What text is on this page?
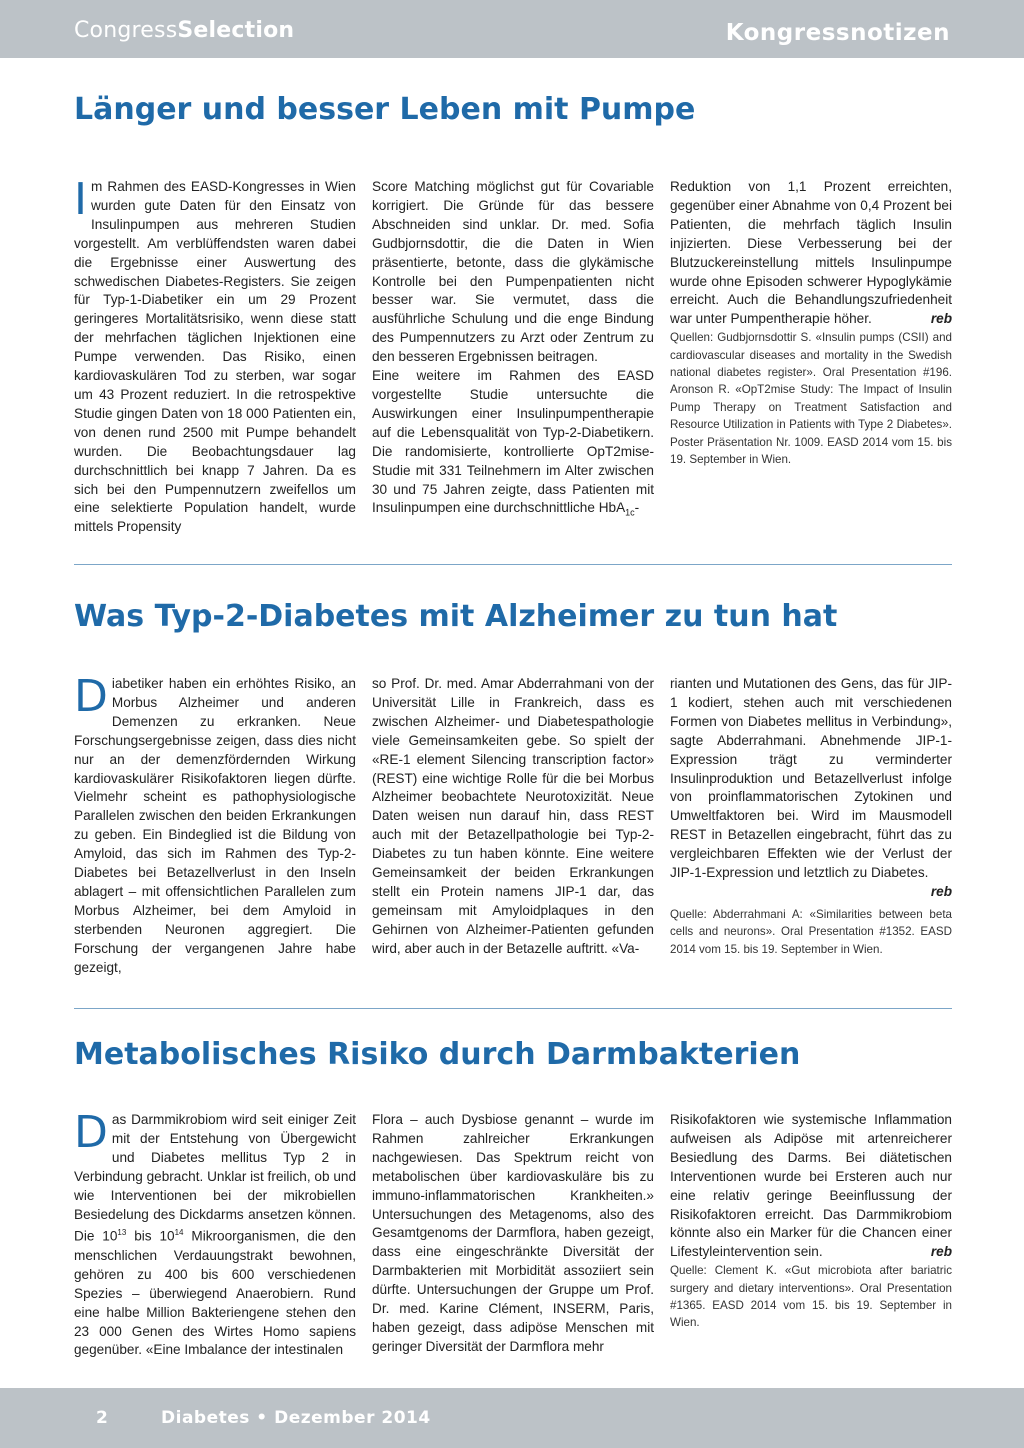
CongressSelection	Kongressnotizen
Länger und besser Leben mit Pumpe

Im Rahmen des EASD-Kongresses in Wien wurden gute Daten für den Einsatz von Insulinpumpen aus mehreren Studien vorgestellt. Am verblüffendsten waren dabei die Ergebnisse einer Auswertung des schwedischen Diabetes-Registers. Sie zeigen für Typ-1-Diabetiker ein um 29 Prozent geringeres Mortalitätsrisiko, wenn diese statt der mehrfachen täglichen Injektionen eine Pumpe verwenden. Das Risiko, einen kardiovaskulären Tod zu sterben, war sogar um 43 Prozent reduziert. In die retrospektive Studie gingen Daten von 18 000 Patienten ein, von denen rund 2500 mit Pumpe behandelt wurden. Die Beobachtungsdauer lag durchschnittlich bei knapp 7 Jahren. Da es sich bei den Pumpennutzern zweifellos um eine selektierte Population handelt, wurde mittels Propensity

Score Matching möglichst gut für Covariable korrigiert. Die Gründe für das bessere Abschneiden sind unklar. Dr. med. Sofia Gudbjornsdottir, die die Daten in Wien präsentierte, betonte, dass die glykämische Kontrolle bei den Pumpenpatienten nicht besser war. Sie vermutet, dass die ausführliche Schulung und die enge Bindung des Pumpennutzers zu Arzt oder Zentrum zu den besseren Ergebnissen beitragen.

Eine weitere im Rahmen des EASD vorgestellte Studie untersuchte die Auswirkungen einer Insulinpumpentherapie auf die Lebensqualität von Typ-2-Diabetikern. Die randomisierte, kontrollierte OpT2mise-Studie mit 331 Teilnehmern im Alter zwischen 30 und 75 Jahren zeigte, dass Patienten mit Insulinpumpen eine durchschnittliche HbA$_{1c}$-

Reduktion von 1,1 Prozent erreichten, gegenüber einer Abnahme von 0,4 Prozent bei Patienten, die mehrfach täglich Insulin injizierten. Diese Verbesserung bei der Blutzuckereinstellung mittels Insulinpumpe wurde ohne Episoden schwerer Hypoglykämie erreicht. Auch die Behandlungszufriedenheit war unter Pumpentherapie höher.	reb

Quellen: Gudbjornsdottir S. «Insulin pumps (CSII) and cardiovascular diseases and mortality in the Swedish national diabetes register». Oral Presentation #196. Aronson R. «OpT2mise Study: The Impact of Insulin Pump Therapy on Treatment Satisfaction and Resource Utilization in Patients with Type 2 Diabetes». Poster Präsentation Nr. 1009. EASD 2014 vom 15. bis 19. September in Wien.

Was Typ-2-Diabetes mit Alzheimer zu tun hat

Diabetiker haben ein erhöhtes Risiko, an Morbus Alzheimer und anderen Demenzen zu erkranken. Neue Forschungsergebnisse zeigen, dass dies nicht nur an der demenzfördernden Wirkung kardiovaskulärer Risikofaktoren liegen dürfte. Vielmehr scheint es pathophysiologische Parallelen zwischen den beiden Erkrankungen zu geben. Ein Bindeglied ist die Bildung von Amyloid, das sich im Rahmen des Typ-2-Diabetes bei Betazellverlust in den Inseln ablagert – mit offensichtlichen Parallelen zum Morbus Alzheimer, bei dem Amyloid in sterbenden Neuronen aggregiert. Die Forschung der vergangenen Jahre habe gezeigt,

so Prof. Dr. med. Amar Abderrahmani von der Universität Lille in Frankreich, dass es zwischen Alzheimer- und Diabetespathologie viele Gemeinsamkeiten gebe. So spielt der «RE-1 element Silencing transcription factor» (REST) eine wichtige Rolle für die bei Morbus Alzheimer beobachtete Neurotoxizität. Neue Daten weisen nun darauf hin, dass REST auch mit der Betazellpathologie bei Typ-2-Diabetes zu tun haben könnte. Eine weitere Gemeinsamkeit der beiden Erkrankungen stellt ein Protein namens JIP-1 dar, das gemeinsam mit Amyloidplaques in den Gehirnen von Alzheimer-Patienten gefunden wird, aber auch in der Betazelle auftritt. «Va-

rianten und Mutationen des Gens, das für JIP-1 kodiert, stehen auch mit verschiedenen Formen von Diabetes mellitus in Verbindung», sagte Abderrahmani. Abnehmende JIP-1-Expression trägt zu verminderter Insulinproduktion und Betazellverlust infolge von proinflammatorischen Zytokinen und Umweltfaktoren bei. Wird im Mausmodell REST in Betazellen eingebracht, führt das zu vergleichbaren Effekten wie der Verlust der JIP-1-Expression und letztlich zu Diabetes.

reb

Quelle: Abderrahmani A: «Similarities between beta cells and neurons». Oral Presentation #1352. EASD 2014 vom 15. bis 19. September in Wien.

Metabolisches Risiko durch Darmbakterien

Das Darmmikrobiom wird seit einiger Zeit mit der Entstehung von Übergewicht und Diabetes mellitus Typ 2 in Verbindung gebracht. Unklar ist freilich, ob und wie Interventionen bei der mikrobiellen Besiedelung des Dickdarms ansetzen können. Die $10^{13}$ bis $10^{14}$ Mikroorganismen, die den menschlichen Verdauungstrakt bewohnen, gehören zu 400 bis 600 verschiedenen Spezies – überwiegend Anaerobiern. Rund eine halbe Million Bakteriengene stehen den 23 000 Genen des Wirtes Homo sapiens gegenüber. «Eine Imbalance der intestinalen

Flora – auch Dysbiose genannt – wurde im Rahmen zahlreicher Erkrankungen nachgewiesen. Das Spektrum reicht von metabolischen über kardiovaskuläre bis zu immuno-inflammatorischen Krankheiten.» Untersuchungen des Metagenoms, also des Gesamtgenoms der Darmflora, haben gezeigt, dass eine eingeschränkte Diversität der Darmbakterien mit Morbidität assoziiert sein dürfte. Untersuchungen der Gruppe um Prof. Dr. med. Karine Clément, INSERM, Paris, haben gezeigt, dass adipöse Menschen mit geringer Diversität der Darmflora mehr

Risikofaktoren wie systemische Inflammation aufweisen als Adipöse mit artenreicherer Besiedlung des Darms. Bei diätetischen Interventionen wurde bei Ersteren auch nur eine relativ geringe Beeinflussung der Risikofaktoren erreicht. Das Darmmikrobiom könnte also ein Marker für die Chancen einer Lifestyleintervention sein.	reb

Quelle: Clement K. «Gut microbiota after bariatric surgery and dietary interventions». Oral Presentation #1365. EASD 2014 vom 15. bis 19. September in Wien.

2	Diabetes • Dezember 2014
